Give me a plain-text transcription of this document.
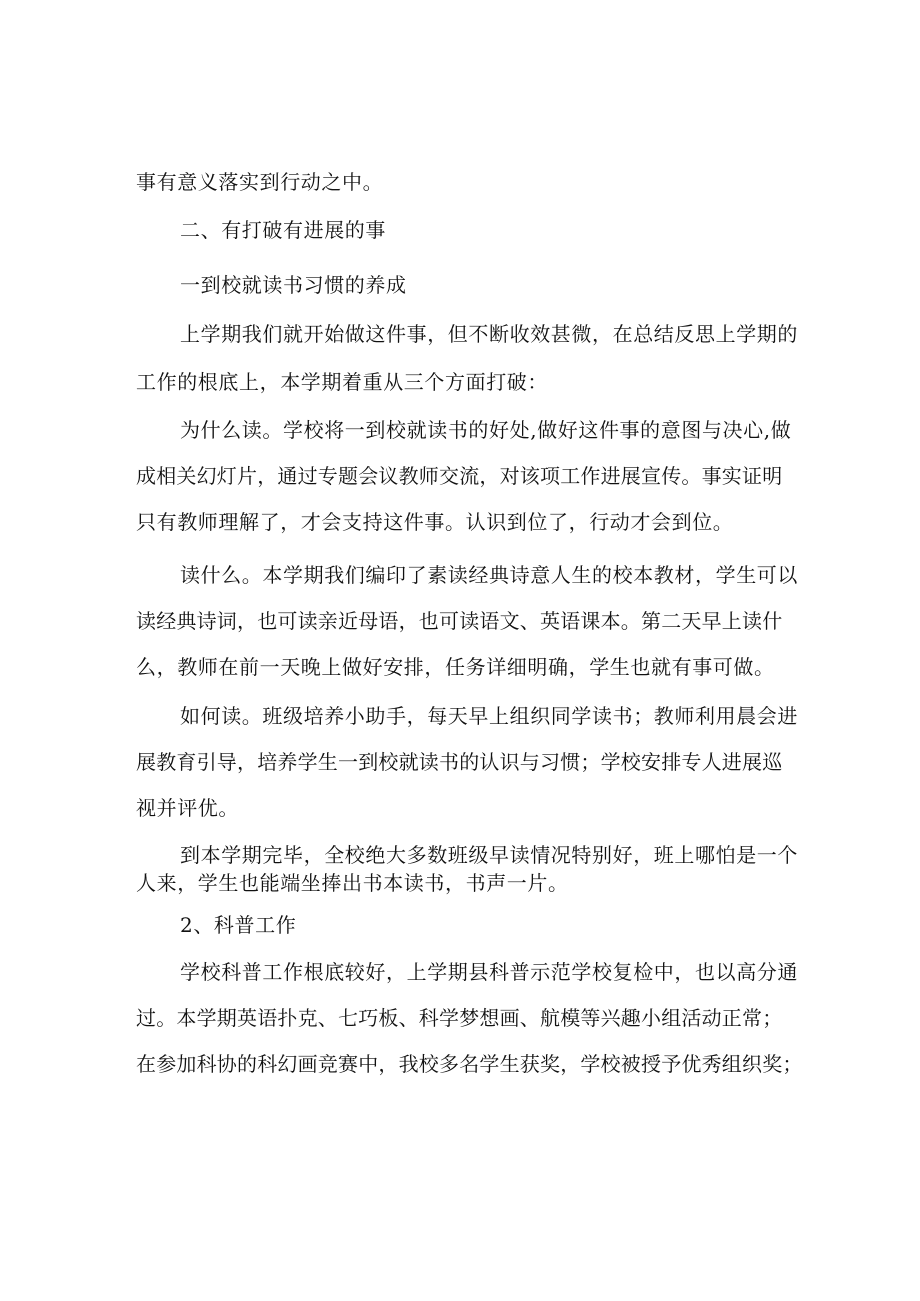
事有意义落实到行动之中。
二、有打破有进展的事
一到校就读书习惯的养成
上学期我们就开始做这件事，但不断收效甚微，在总结反思上学期的
工作的根底上，本学期着重从三个方面打破：
为什么读。学校将一到校就读书的好处,做好这件事的意图与决心,做
成相关幻灯片，通过专题会议教师交流，对该项工作进展宣传。事实证明
只有教师理解了，才会支持这件事。认识到位了，行动才会到位。
读什么。本学期我们编印了素读经典诗意人生的校本教材，学生可以
读经典诗词，也可读亲近母语，也可读语文、英语课本。第二天早上读什
么，教师在前一天晚上做好安排，任务详细明确，学生也就有事可做。
如何读。班级培养小助手，每天早上组织同学读书；教师利用晨会进
展教育引导，培养学生一到校就读书的认识与习惯；学校安排专人进展巡
视并评优。
到本学期完毕，全校绝大多数班级早读情况特别好，班上哪怕是一个
人来，学生也能端坐捧出书本读书，书声一片。
2、科普工作
学校科普工作根底较好，上学期县科普示范学校复检中，也以高分通
过。本学期英语扑克、七巧板、科学梦想画、航模等兴趣小组活动正常；
在参加科协的科幻画竞赛中，我校多名学生获奖，学校被授予优秀组织奖；
